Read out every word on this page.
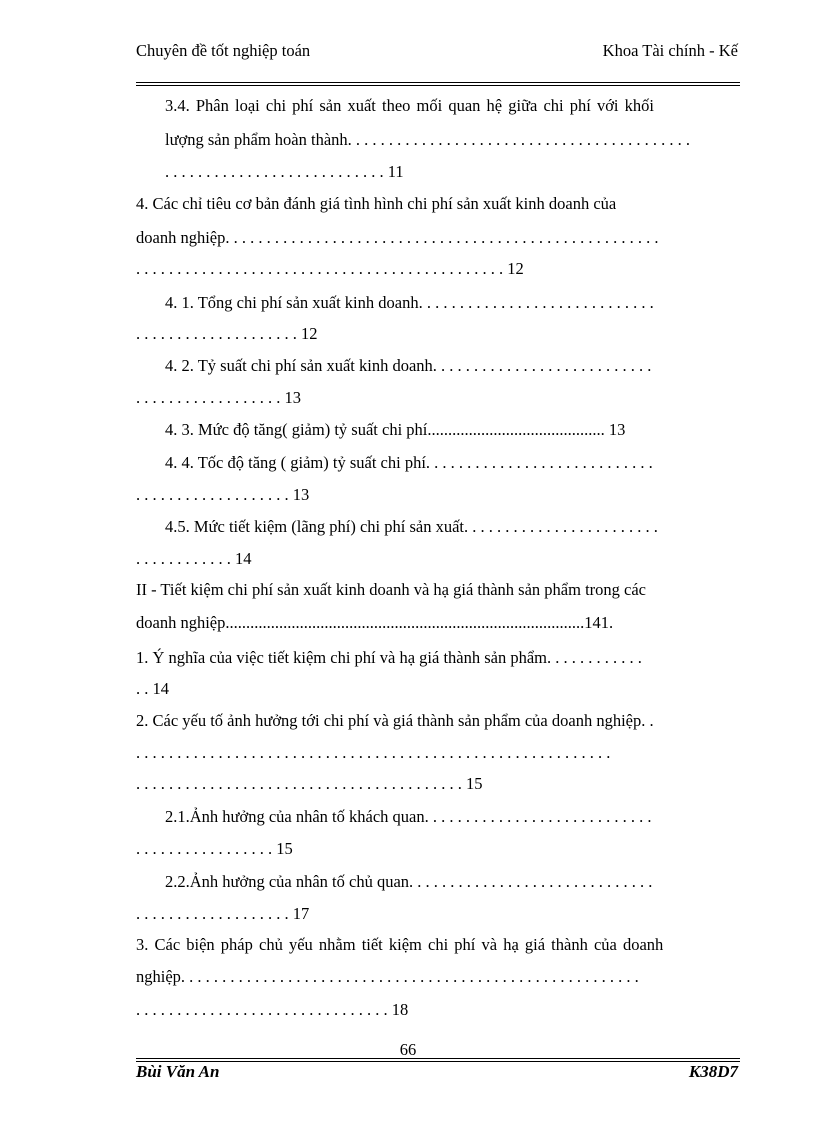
Chuyên đề tốt nghiệp toán	Khoa Tài chính - Kế
3.4. Phân loại chi phí sản xuất theo mối quan hệ giữa chi phí với khối
lượng sản phẩm hoàn thành. . . . . . . . . . . . . . . . . . . . . . . . . . . . . . . . . . . . . . . . . .
. . . . . . . . . . . . . . . . . . . . . . . . . . . 11
4. Các chỉ tiêu cơ bản đánh giá tình hình chi phí sản xuất kinh doanh của
doanh nghiệp. . . . . . . . . . . . . . . . . . . . . . . . . . . . . . . . . . . . . . . . . . . . . . . . . . . . .
. . . . . . . . . . . . . . . . . . . . . . . . . . . . . . . . . . . . . . . . . . . . . 12
4. 1. Tổng chi phí sản xuất kinh doanh. . . . . . . . . . . . . . . . . . . . . . . . . . . . .
. . . . . . . . . . . . . . . . . . . . 12
4. 2. Tỷ suất chi phí sản xuất kinh doanh. . . . . . . . . . . . . . . . . . . . . . . . . . .
. . . . . . . . . . . . . . . . . . 13
4. 3. Mức độ tăng( giảm) tỷ suất chi phí........................................... 13
4. 4. Tốc độ tăng ( giảm) tỷ suất chi phí. . . . . . . . . . . . . . . . . . . . . . . . . . . .
. . . . . . . . . . . . . . . . . . . 13
4.5. Mức tiết kiệm (lãng phí) chi phí sản xuất. . . . . . . . . . . . . . . . . . . . . . . .
. . . . . . . . . . . . 14
II - Tiết kiệm chi phí sản xuất kinh doanh và hạ giá thành sản phẩm trong các
doanh nghiệp.......................................................................................141.
1. Ý nghĩa của việc tiết kiệm chi phí và hạ giá thành sản phẩm. . . . . . . . . . . .
. . 14
2. Các yếu tố ảnh hưởng tới chi phí và giá thành sản phẩm của doanh nghiệp. .
. . . . . . . . . . . . . . . . . . . . . . . . . . . . . . . . . . . . . . . . . . . . . . . . . . . . . . . . . .
. . . . . . . . . . . . . . . . . . . . . . . . . . . . . . . . . . . . . . . . 15
2.1.Ảnh hưởng của nhân tố khách quan. . . . . . . . . . . . . . . . . . . . . . . . . . . .
. . . . . . . . . . . . . . . . . 15
2.2.Ảnh hưởng của nhân tố chủ quan. . . . . . . . . . . . . . . . . . . . . . . . . . . . . .
. . . . . . . . . . . . . . . . . . . 17
3. Các biện pháp chủ yếu nhằm tiết kiệm chi phí và hạ giá thành của doanh
nghiệp. . . . . . . . . . . . . . . . . . . . . . . . . . . . . . . . . . . . . . . . . . . . . . . . . . . . . . . .
. . . . . . . . . . . . . . . . . . . . . . . . . . . . . . . 18
66
Bùi Văn An	K38D7
